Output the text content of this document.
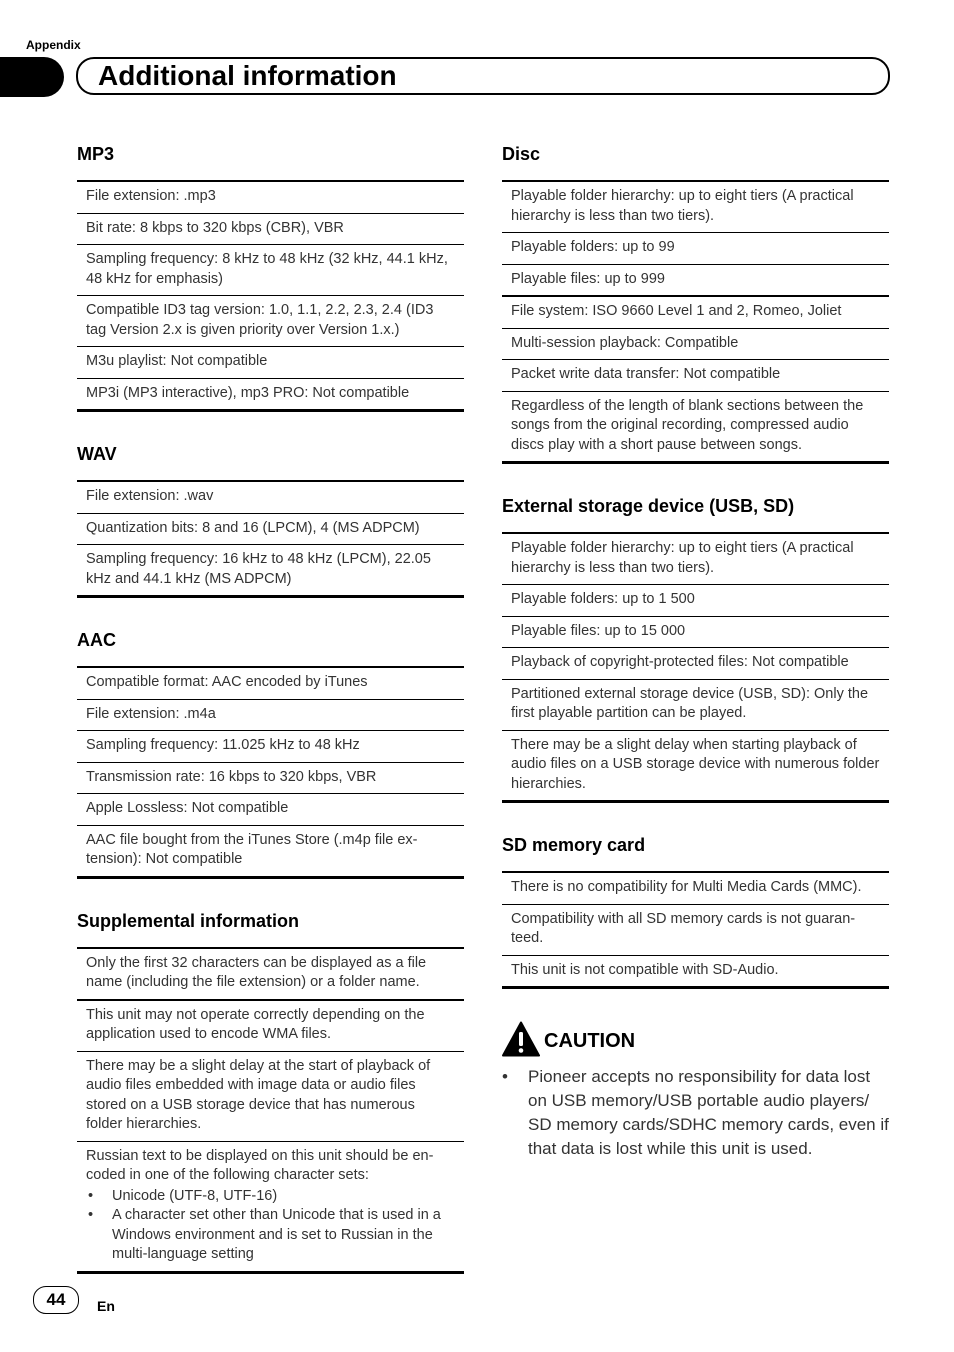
Appendix
Additional information
MP3
File extension: .mp3
Bit rate: 8 kbps to 320 kbps (CBR), VBR
Sampling frequency: 8 kHz to 48 kHz (32 kHz, 44.1 kHz, 48 kHz for emphasis)
Compatible ID3 tag version: 1.0, 1.1, 2.2, 2.3, 2.4 (ID3 tag Version 2.x is given priority over Version 1.x.)
M3u playlist: Not compatible
MP3i (MP3 interactive), mp3 PRO: Not compatible
WAV
File extension: .wav
Quantization bits: 8 and 16 (LPCM), 4 (MS ADPCM)
Sampling frequency: 16 kHz to 48 kHz (LPCM), 22.05 kHz and 44.1 kHz (MS ADPCM)
AAC
Compatible format: AAC encoded by iTunes
File extension: .m4a
Sampling frequency: 11.025 kHz to 48 kHz
Transmission rate: 16 kbps to 320 kbps, VBR
Apple Lossless: Not compatible
AAC file bought from the iTunes Store (.m4p file ex-tension): Not compatible
Supplemental information
Only the first 32 characters can be displayed as a file name (including the file extension) or a folder name.
This unit may not operate correctly depending on the application used to encode WMA files.
There may be a slight delay at the start of playback of audio files embedded with image data or audio files stored on a USB storage device that has numerous folder hierarchies.
Russian text to be displayed on this unit should be en-coded in one of the following character sets:
• Unicode (UTF-8, UTF-16)
• A character set other than Unicode that is used in a Windows environment and is set to Russian in the multi-language setting
Disc
Playable folder hierarchy: up to eight tiers (A practical hierarchy is less than two tiers).
Playable folders: up to 99
Playable files: up to 999
File system: ISO 9660 Level 1 and 2, Romeo, Joliet
Multi-session playback: Compatible
Packet write data transfer: Not compatible
Regardless of the length of blank sections between the songs from the original recording, compressed audio discs play with a short pause between songs.
External storage device (USB, SD)
Playable folder hierarchy: up to eight tiers (A practical hierarchy is less than two tiers).
Playable folders: up to 1 500
Playable files: up to 15 000
Playback of copyright-protected files: Not compatible
Partitioned external storage device (USB, SD): Only the first playable partition can be played.
There may be a slight delay when starting playback of audio files on a USB storage device with numerous folder hierarchies.
SD memory card
There is no compatibility for Multi Media Cards (MMC).
Compatibility with all SD memory cards is not guaran-teed.
This unit is not compatible with SD-Audio.
CAUTION
• Pioneer accepts no responsibility for data lost on USB memory/USB portable audio players/ SD memory cards/SDHC memory cards, even if that data is lost while this unit is used.
44	En
